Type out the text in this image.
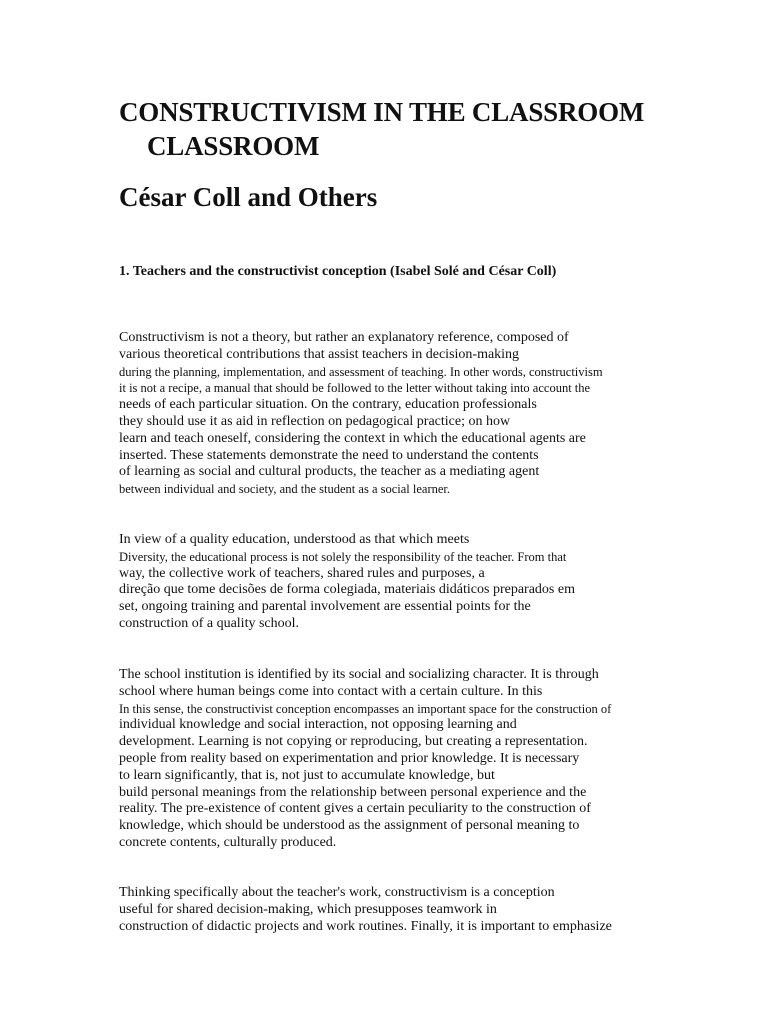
CONSTRUCTIVISM IN THE CLASSROOM
CLASSROOM
César Coll and Others
1. Teachers and the constructivist conception (Isabel Solé and César Coll)

Constructivism is not a theory, but rather an explanatory reference, composed of
various theoretical contributions that assist teachers in decision-making
during the planning, implementation, and assessment of teaching. In other words, constructivism
it is not a recipe, a manual that should be followed to the letter without taking into account the
needs of each particular situation. On the contrary, education professionals
they should use it as aid in reflection on pedagogical practice; on how
learn and teach oneself, considering the context in which the educational agents are
inserted. These statements demonstrate the need to understand the contents
of learning as social and cultural products, the teacher as a mediating agent
between individual and society, and the student as a social learner.

In view of a quality education, understood as that which meets
Diversity, the educational process is not solely the responsibility of the teacher. From that
way, the collective work of teachers, shared rules and purposes, a
direção que tome decisões de forma colegiada, materiais didáticos preparados em
set, ongoing training and parental involvement are essential points for the
construction of a quality school.

The school institution is identified by its social and socializing character. It is through
school where human beings come into contact with a certain culture. In this
In this sense, the constructivist conception encompasses an important space for the construction of
individual knowledge and social interaction, not opposing learning and
development. Learning is not copying or reproducing, but creating a representation.
people from reality based on experimentation and prior knowledge. It is necessary
to learn significantly, that is, not just to accumulate knowledge, but
build personal meanings from the relationship between personal experience and the
reality. The pre-existence of content gives a certain peculiarity to the construction of
knowledge, which should be understood as the assignment of personal meaning to
concrete contents, culturally produced.

Thinking specifically about the teacher's work, constructivism is a conception
useful for shared decision-making, which presupposes teamwork in
construction of didactic projects and work routines. Finally, it is important to emphasize
